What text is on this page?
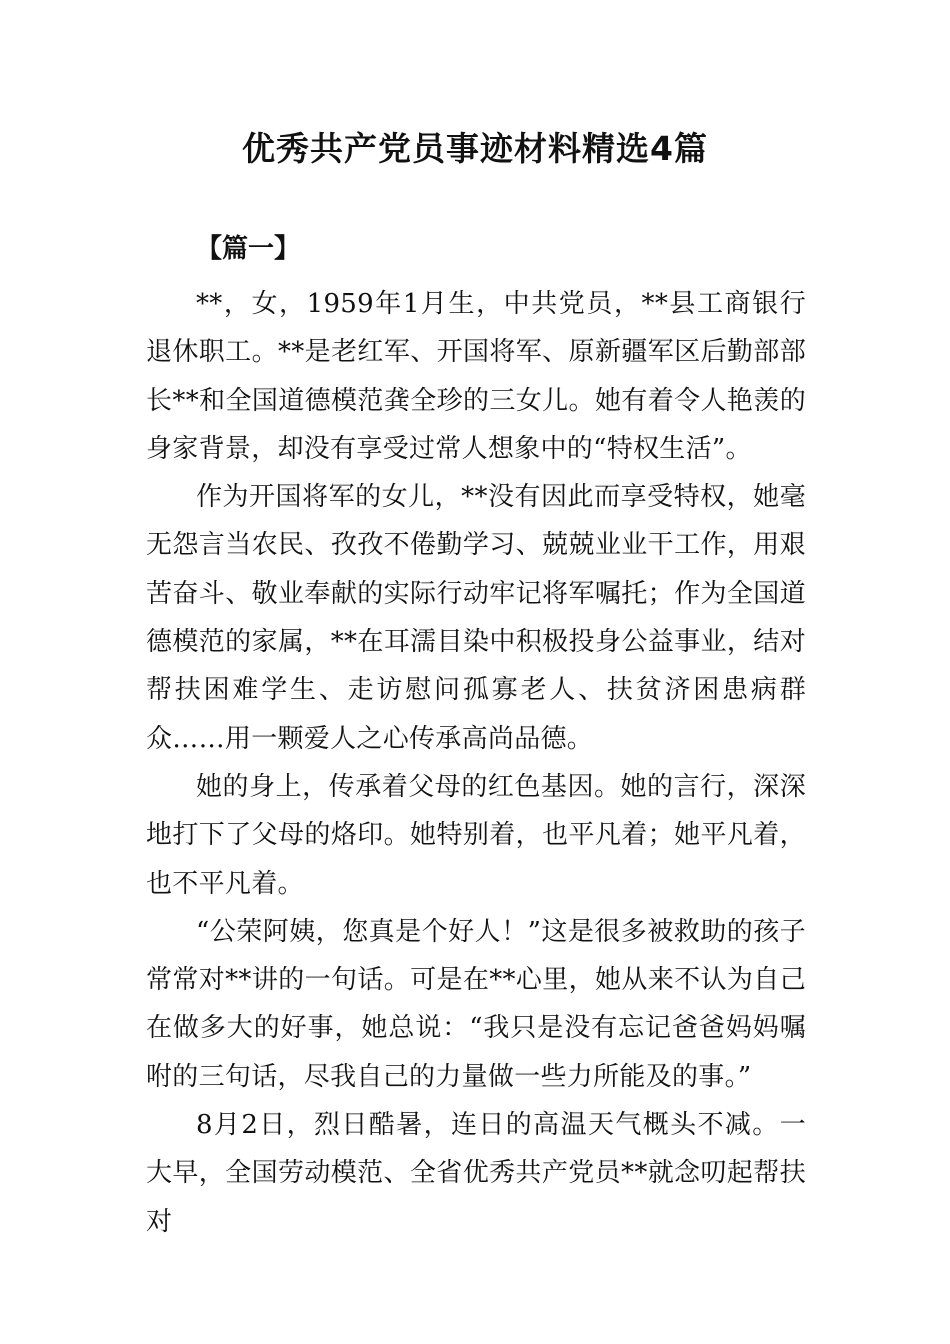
优秀共产党员事迹材料精选4篇
【篇一】

**，女，1959年1月生，中共党员，**县工商银行退休职工。**是老红军、开国将军、原新疆军区后勤部部长**和全国道德模范龚全珍的三女儿。她有着令人艳羡的身家背景，却没有享受过常人想象中的“特权生活”。

作为开国将军的女儿，**没有因此而享受特权，她毫无怨言当农民、孜孜不倦勤学习、兢兢业业干工作，用艰苦奋斗、敬业奉献的实际行动牢记将军嘱托；作为全国道德模范的家属，**在耳濡目染中积极投身公益事业，结对帮扶困难学生、走访慰问孤寡老人、扶贫济困患病群众……用一颗爱人之心传承高尚品德。

她的身上，传承着父母的红色基因。她的言行，深深地打下了父母的烙印。她特别着，也平凡着；她平凡着，也不平凡着。

“公荣阿姨，您真是个好人！”这是很多被救助的孩子常常对**讲的一句话。可是在**心里，她从来不认为自己在做多大的好事，她总说：“我只是没有忘记爸爸妈妈嘱咐的三句话，尽我自己的力量做一些力所能及的事。”

8月2日，烈日酷暑，连日的高温天气概头不减。一大早，全国劳动模范、全省优秀共产党员**就念叨起帮扶对
